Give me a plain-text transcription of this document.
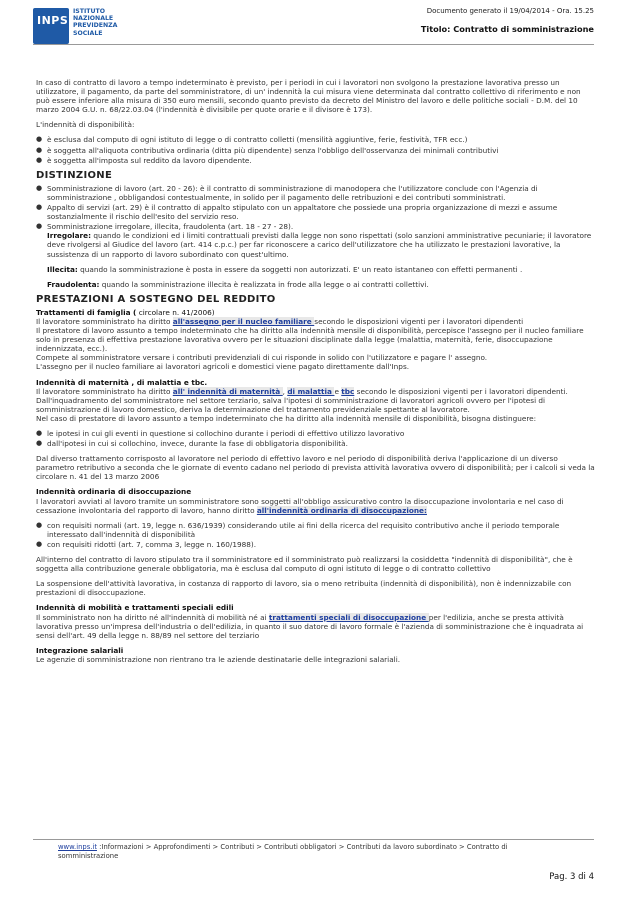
INPS
ISTITUTO
NAZIONALE
PREVIDENZA
SOCIALE
Documento generato il 19/04/2014 - Ora. 15.25
Titolo: Contratto di somministrazione

In caso di contratto di lavoro a tempo indeterminato è previsto, per i periodi in cui i lavoratori non svolgono la prestazione lavorativa presso un utilizzatore, il pagamento, da parte del somministratore, di un' indennità la cui misura viene determinata dal contratto collettivo di riferimento e non può essere inferiore alla misura di 350 euro mensili, secondo quanto previsto da decreto del Ministro del lavoro e delle politiche sociali - D.M. del 10 marzo 2004 G.U. n. 68/22.03.04 (l'indennità è divisibile per quote orarie e il divisore è 173).

L'indennità di disponibilità:

● è esclusa dal computo di ogni istituto di legge o di contratto colletti (mensilità aggiuntive, ferie, festività, TFR ecc.)
● è soggetta all'aliquota contributiva ordinaria (ditta più dipendente) senza l'obbligo dell'osservanza dei minimali contributivi
● è soggetta all'imposta sul reddito da lavoro dipendente.
DISTINZIONE
● Somministrazione di lavoro (art. 20 - 26): è il contratto di somministrazione di manodopera che l'utilizzatore conclude con l'Agenzia di somministrazione , obbligandosi contestualmente, in solido per il pagamento delle retribuzioni e dei contributi somministrati.
● Appalto di servizi (art. 29) è il contratto di appalto stipulato con un appaltatore che possiede una propria organizzazione di mezzi e assume sostanzialmente il rischio dell'esito del servizio reso.
● Somministrazione irregolare, illecita, fraudolenta (art. 18 - 27 - 28).
Irregolare: quando le condizioni ed i limiti contrattuali previsti dalla legge non sono rispettati (solo sanzioni amministrative pecuniarie; il lavoratore deve rivolgersi al Giudice del lavoro (art. 414 c.p.c.) per far riconoscere a carico dell'utilizzatore che ha utilizzato le prestazioni lavorative, la sussistenza di un rapporto di lavoro subordinato con quest'ultimo.

Illecita: quando la somministrazione è posta in essere da soggetti non autorizzati. E' un reato istantaneo con effetti permanenti .

Fraudolenta: quando la somministrazione illecita è realizzata in frode alla legge o ai contratti collettivi.

PRESTAZIONI A SOSTEGNO DEL REDDITO
Trattamenti di famiglia ( circolare n. 41/2006)
Il lavoratore somministrato ha diritto all'assegno per il nucleo familiare secondo le disposizioni vigenti per i lavoratori dipendenti
Il prestatore di lavoro assunto a tempo indeterminato che ha diritto alla indennità mensile di disponibilità, percepisce l'assegno per il nucleo familiare solo in presenza di effettiva prestazione lavorativa ovvero per le situazioni disciplinate dalla legge (malattia, maternità, ferie, disoccupazione indennizzata, ecc.).
Compete al somministratore versare i contributi previdenziali di cui risponde in solido con l'utilizzatore e pagare l' assegno.

L'assegno per il nucleo familiare ai lavoratori agricoli e domestici viene pagato direttamente dall'Inps.

Indennità di maternità , di malattia e tbc.
Il lavoratore somministrato ha diritto all' indennità di maternità , di malattia e tbc secondo le disposizioni vigenti per i lavoratori dipendenti.
Dall'inquadramento del somministratore nel settore terziario, salva l'ipotesi di somministrazione di lavoratori agricoli ovvero per l'ipotesi di somministrazione di lavoro domestico, deriva la determinazione del trattamento previdenziale spettante al lavoratore.

Nel caso di prestatore di lavoro assunto a tempo indeterminato che ha diritto alla indennità mensile di disponibilità, bisogna distinguere:

● le ipotesi in cui gli eventi in questione si collochino durante i periodi di effettivo utilizzo lavorativo
● dall'ipotesi in cui si collochino, invece, durante la fase di obbligatoria disponibilità.

Dal diverso trattamento corrisposto al lavoratore nel periodo di effettivo lavoro e nel periodo di disponibilità deriva l'applicazione di un diverso parametro retributivo a seconda che le giornate di evento cadano nel periodo di prevista attività lavorativa ovvero di disponibilità; per i calcoli si veda la circolare n. 41 del 13 marzo 2006

Indennità ordinaria di disoccupazione

I lavoratori avviati al lavoro tramite un somministratore sono soggetti all'obbligo assicurativo contro la disoccupazione involontaria e nel caso di cessazione involontaria del rapporto di lavoro, hanno diritto all'indennità ordinaria di disoccupazione:

● con requisiti normali (art. 19, legge n. 636/1939) considerando utile ai fini della ricerca del requisito contributivo anche il periodo temporale interessato dall'indennità di disponibilità
● con requisiti ridotti (art. 7, comma 3, legge n. 160/1988).

All'interno del contratto di lavoro stipulato tra il somministratore ed il somministrato può realizzarsi la cosiddetta "indennità di disponibilità", che è soggetta alla contribuzione generale obbligatoria, ma è esclusa dal computo di ogni istituto di legge o di contratto collettivo

La sospensione dell'attività lavorativa, in costanza di rapporto di lavoro, sia o meno retribuita (indennità di disponibilità), non è indennizzabile con prestazioni di disoccupazione.

Indennità di mobilità e trattamenti speciali edili

Il somministrato non ha diritto né all'indennità di mobilità né ai trattamenti speciali di disoccupazione per l'edilizia, anche se presta attività lavorativa presso un'impresa dell'industria o dell'edilizia, in quanto il suo datore di lavoro formale è l'azienda di somministrazione che è inquadrata ai sensi dell'art. 49 della legge n. 88/89 nel settore del terziario

Integrazione salariali
Le agenzie di somministrazione non rientrano tra le aziende destinatarie delle integrazioni salariali.
www.inps.it :Informazioni > Approfondimenti > Contributi > Contributi obbligatori > Contributi da lavoro subordinato > Contratto di somministrazione
Pag. 3 di 4
